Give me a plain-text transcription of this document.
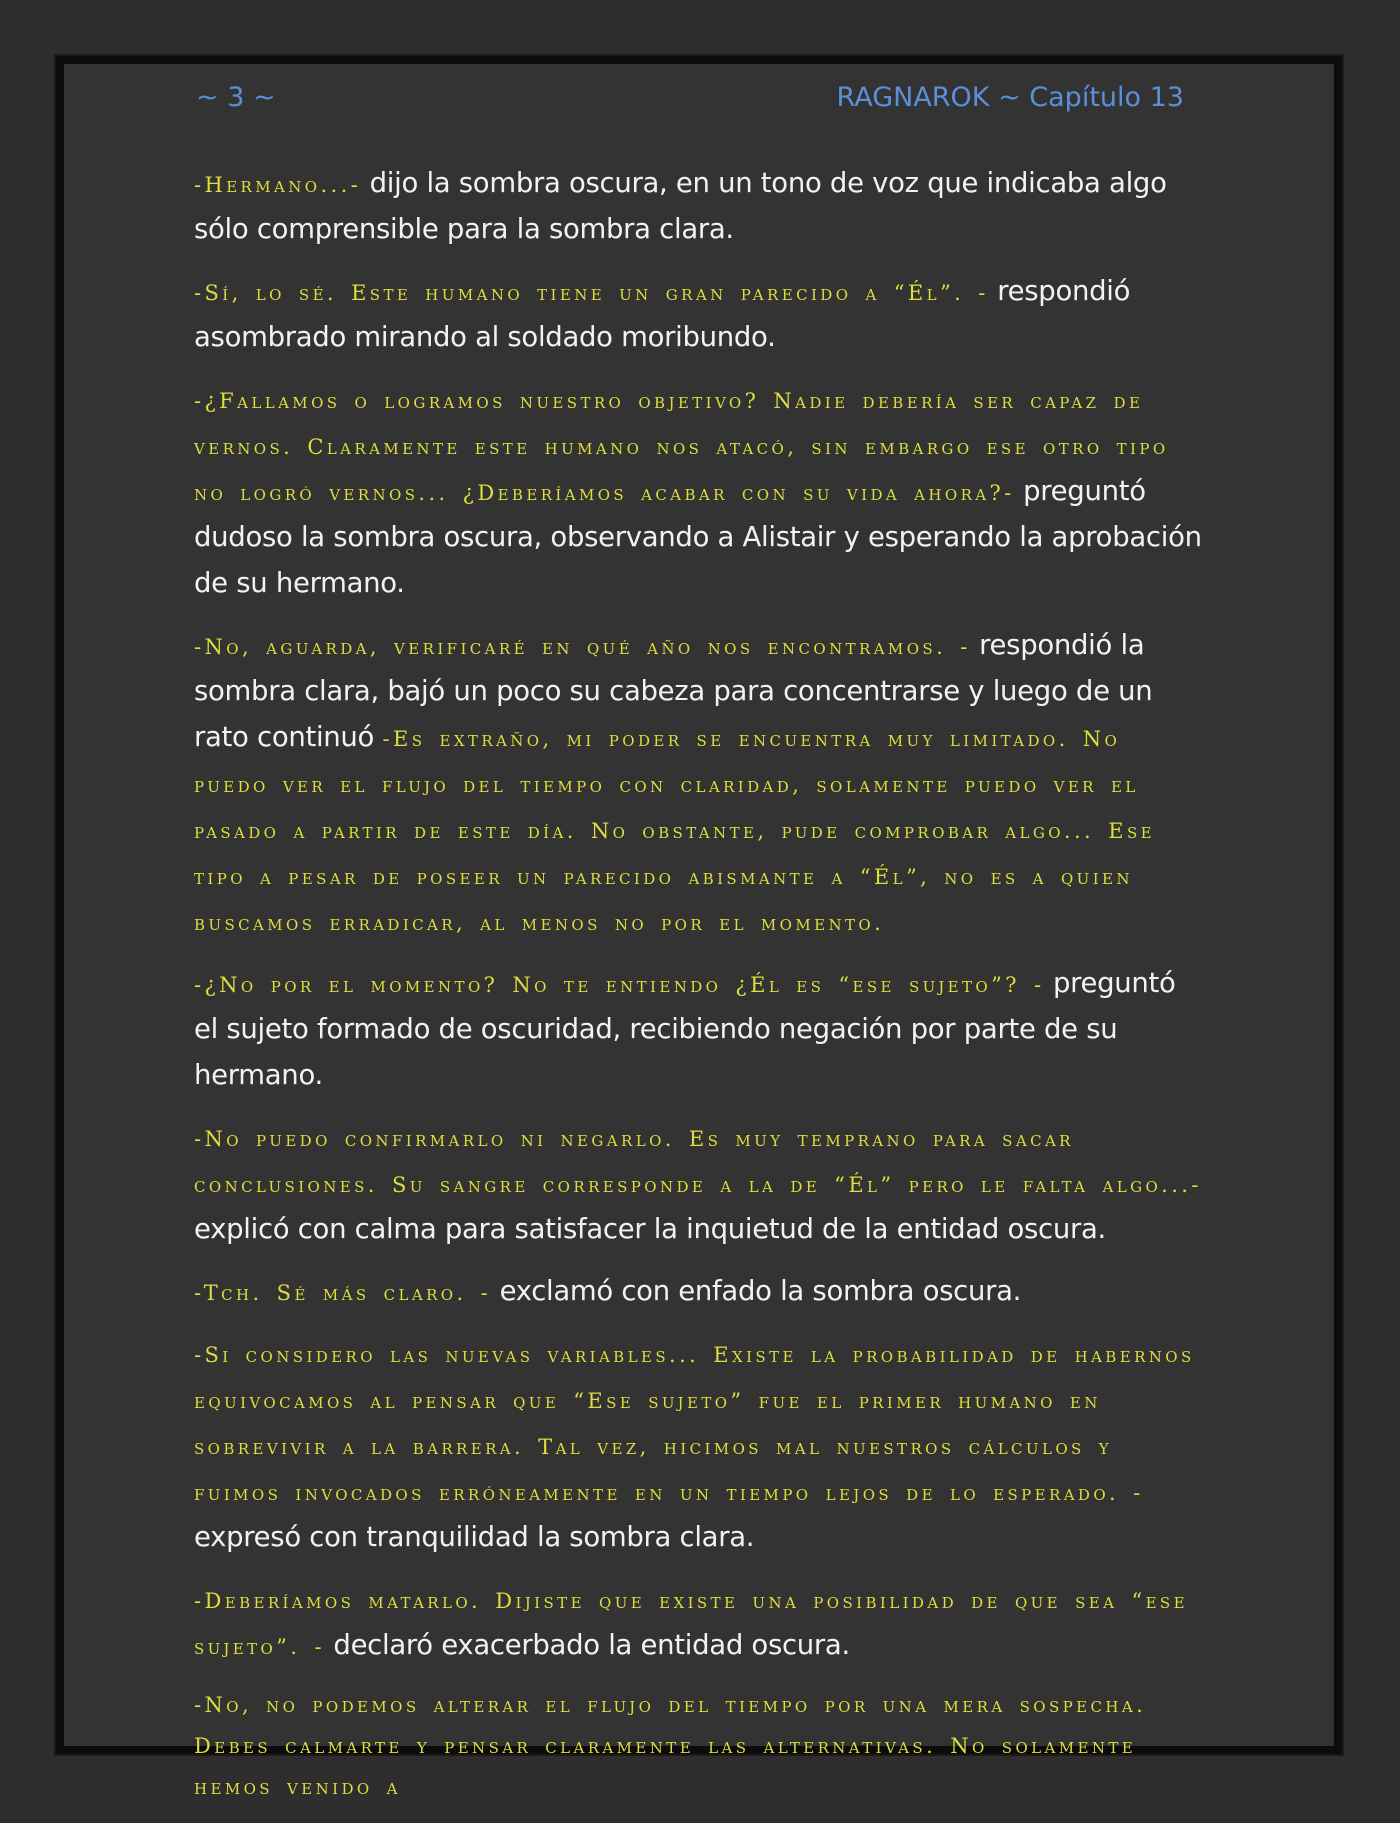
~ 3 ~	RAGNAROK ~ Capítulo 13

-Hermano...- dijo la sombra oscura, en un tono de voz que indicaba algo sólo comprensible para la sombra clara.

-Sí, lo sé. Este humano tiene un gran parecido a “Él”. - respondió asombrado mirando al soldado moribundo.

-¿Fallamos o logramos nuestro objetivo? Nadie debería ser capaz de vernos. Claramente este humano nos atacó, sin embargo ese otro tipo no logró vernos... ¿Deberíamos acabar con su vida ahora?- preguntó dudoso la sombra oscura, observando a Alistair y esperando la aprobación de su hermano.

-No, aguarda, verificaré en qué año nos encontramos. - respondió la sombra clara, bajó un poco su cabeza para concentrarse y luego de un rato continuó -Es extraño, mi poder se encuentra muy limitado. No puedo ver el flujo del tiempo con claridad, solamente puedo ver el pasado a partir de este día. No obstante, pude comprobar algo... Ese tipo a pesar de poseer un parecido abismante a “Él”, no es a quien buscamos erradicar, al menos no por el momento.

-¿No por el momento? No te entiendo ¿Él es “ese sujeto”? - preguntó el sujeto formado de oscuridad, recibiendo negación por parte de su hermano.

-No puedo confirmarlo ni negarlo. Es muy temprano para sacar conclusiones. Su sangre corresponde a la de “Él” pero le falta algo...- explicó con calma para satisfacer la inquietud de la entidad oscura.

-Tch. Sé más claro. - exclamó con enfado la sombra oscura.

-Si considero las nuevas variables... Existe la probabilidad de habernos equivocamos al pensar que “Ese sujeto” fue el primer humano en sobrevivir a la barrera. Tal vez, hicimos mal nuestros cálculos y fuimos invocados erróneamente en un tiempo lejos de lo esperado. - expresó con tranquilidad la sombra clara.

-Deberíamos matarlo. Dijiste que existe una posibilidad de que sea “ese sujeto”. - declaró exacerbado la entidad oscura.

-No, no podemos alterar el flujo del tiempo por una mera sospecha. Debes calmarte y pensar claramente las alternativas. No solamente hemos venido a
